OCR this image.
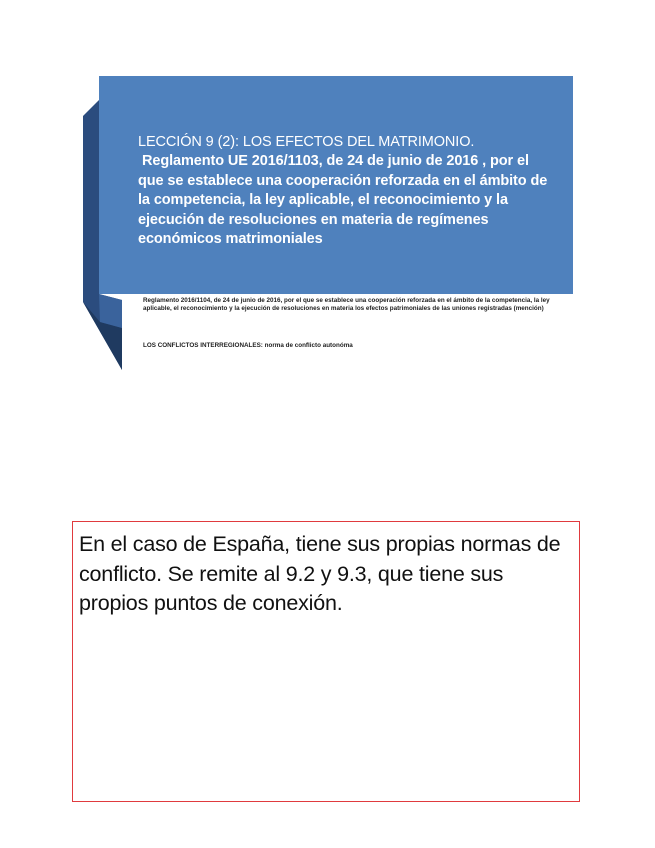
LECCIÓN 9 (2): LOS EFECTOS DEL MATRIMONIO.
Reglamento UE 2016/1103, de 24 de junio de 2016 , por el que se establece una cooperación reforzada en el ámbito de la competencia, la ley aplicable, el reconocimiento y la ejecución de resoluciones en materia de regímenes económicos matrimoniales
Reglamento 2016/1104, de 24 de junio de 2016, por el que se establece una cooperación reforzada en el ámbito de la competencia, la ley aplicable, el reconocimiento y la ejecución de resoluciones en materia los efectos patrimoniales de las uniones registradas (mención)
LOS CONFLICTOS INTERREGIONALES: norma de conflicto autonóma
En el caso de España, tiene sus propias normas de conflicto. Se remite al 9.2 y 9.3, que tiene sus propios puntos de conexión.
